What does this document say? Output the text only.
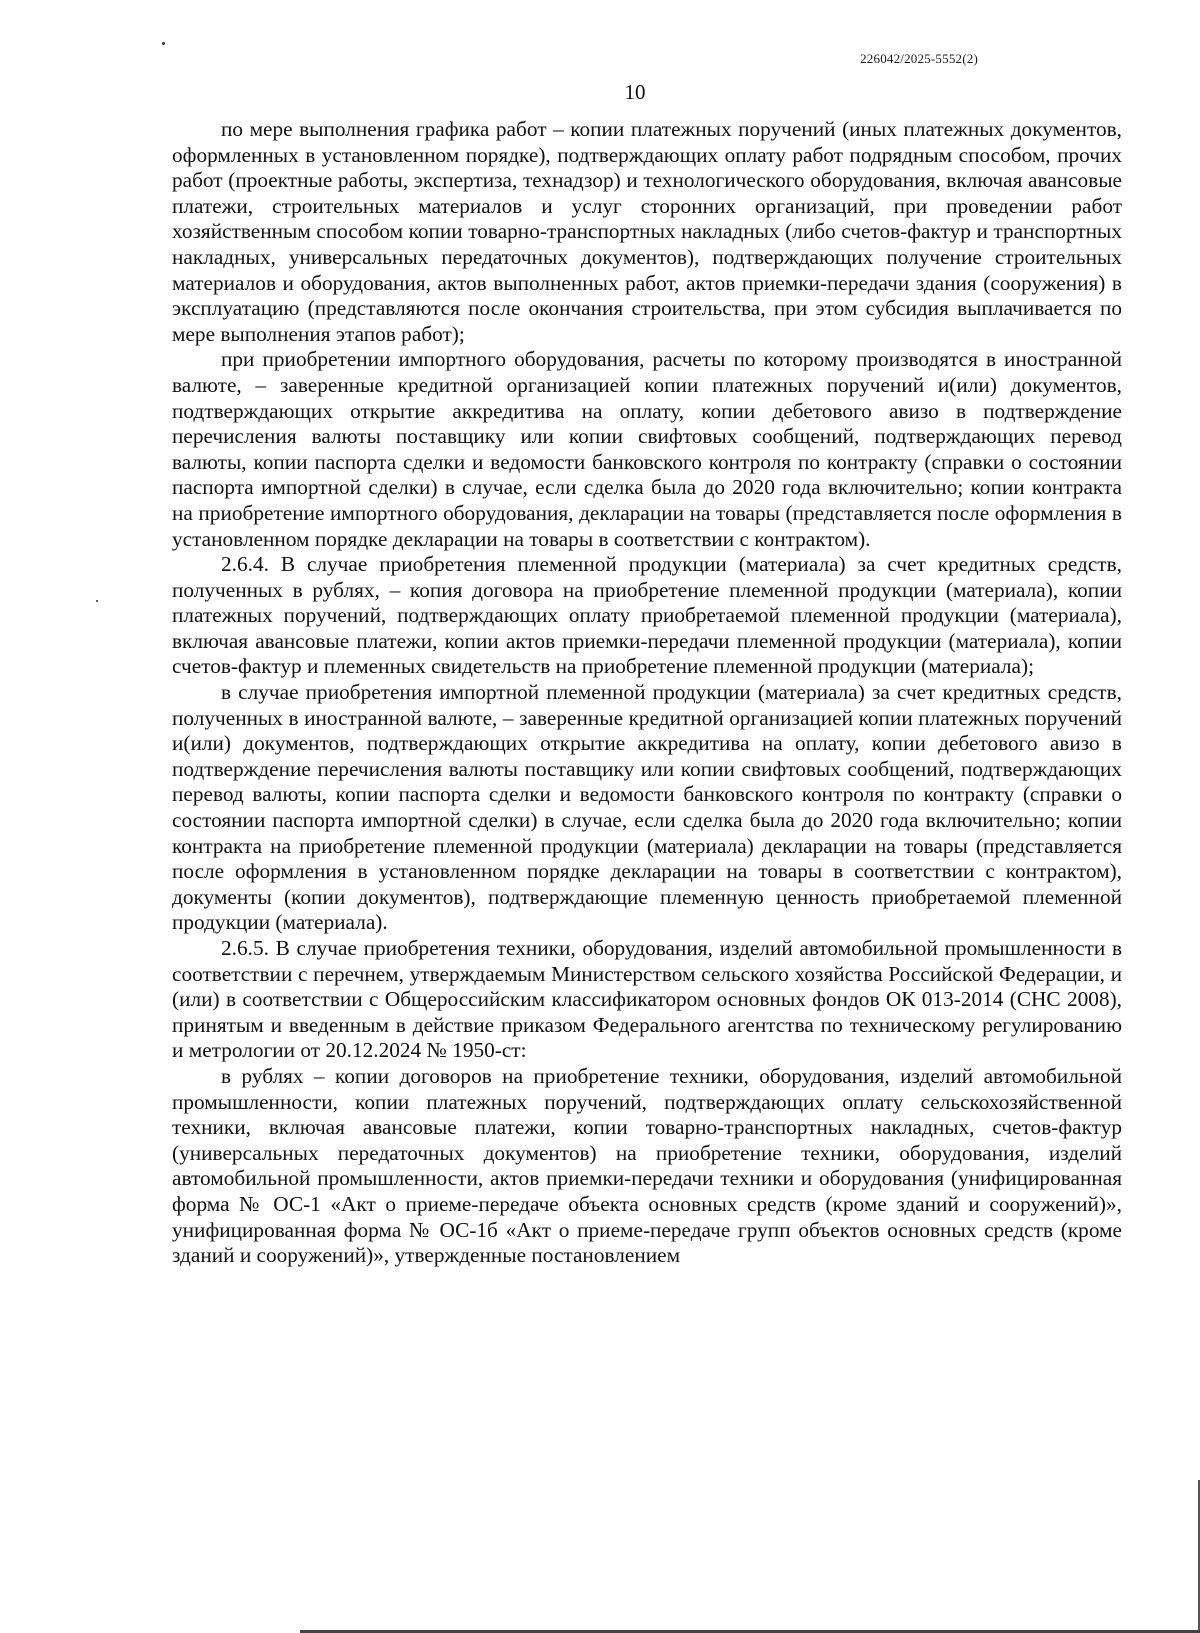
226042/2025-5552(2)
10

по мере выполнения графика работ – копии платежных поручений (иных платежных документов, оформленных в установленном порядке), подтверждающих оплату работ подрядным способом, прочих работ (проектные работы, экспертиза, технадзор) и технологического оборудования, включая авансовые платежи, строительных материалов и услуг сторонних организаций, при проведении работ хозяйственным способом копии товарно-транспортных накладных (либо счетов-фактур и транспортных накладных, универсальных передаточных документов), подтверждающих получение строительных материалов и оборудования, актов выполненных работ, актов приемки-передачи здания (сооружения) в эксплуатацию (представляются после окончания строительства, при этом субсидия выплачивается по мере выполнения этапов работ);

при приобретении импортного оборудования, расчеты по которому производятся в иностранной валюте, – заверенные кредитной организацией копии платежных поручений и(или) документов, подтверждающих открытие аккредитива на оплату, копии дебетового авизо в подтверждение перечисления валюты поставщику или копии свифтовых сообщений, подтверждающих перевод валюты, копии паспорта сделки и ведомости банковского контроля по контракту (справки о состоянии паспорта импортной сделки) в случае, если сделка была до 2020 года включительно; копии контракта на приобретение импортного оборудования, декларации на товары (представляется после оформления в установленном порядке декларации на товары в соответствии с контрактом).

2.6.4. В случае приобретения племенной продукции (материала) за счет кредитных средств, полученных в рублях, – копия договора на приобретение племенной продукции (материала), копии платежных поручений, подтверждающих оплату приобретаемой племенной продукции (материала), включая авансовые платежи, копии актов приемки-передачи племенной продукции (материала), копии счетов-фактур и племенных свидетельств на приобретение племенной продукции (материала);

в случае приобретения импортной племенной продукции (материала) за счет кредитных средств, полученных в иностранной валюте, – заверенные кредитной организацией копии платежных поручений и(или) документов, подтверждающих открытие аккредитива на оплату, копии дебетового авизо в подтверждение перечисления валюты поставщику или копии свифтовых сообщений, подтверждающих перевод валюты, копии паспорта сделки и ведомости банковского контроля по контракту (справки о состоянии паспорта импортной сделки) в случае, если сделка была до 2020 года включительно; копии контракта на приобретение племенной продукции (материала) декларации на товары (представляется после оформления в установленном порядке декларации на товары в соответствии с контрактом), документы (копии документов), подтверждающие племенную ценность приобретаемой племенной продукции (материала).

2.6.5. В случае приобретения техники, оборудования, изделий автомобильной промышленности в соответствии с перечнем, утверждаемым Министерством сельского хозяйства Российской Федерации, и (или) в соответствии с Общероссийским классификатором основных фондов ОК 013-2014 (СНС 2008), принятым и введенным в действие приказом Федерального агентства по техническому регулированию и метрологии от 20.12.2024 № 1950-ст:

в рублях – копии договоров на приобретение техники, оборудования, изделий автомобильной промышленности, копии платежных поручений, подтверждающих оплату сельскохозяйственной техники, включая авансовые платежи, копии товарно-транспортных накладных, счетов-фактур (универсальных передаточных документов) на приобретение техники, оборудования, изделий автомобильной промышленности, актов приемки-передачи техники и оборудования (унифицированная форма № ОС-1 «Акт о приеме-передаче объекта основных средств (кроме зданий и сооружений)», унифицированная форма № ОС-1б «Акт о приеме-передаче групп объектов основных средств (кроме зданий и сооружений)», утвержденные постановлением
